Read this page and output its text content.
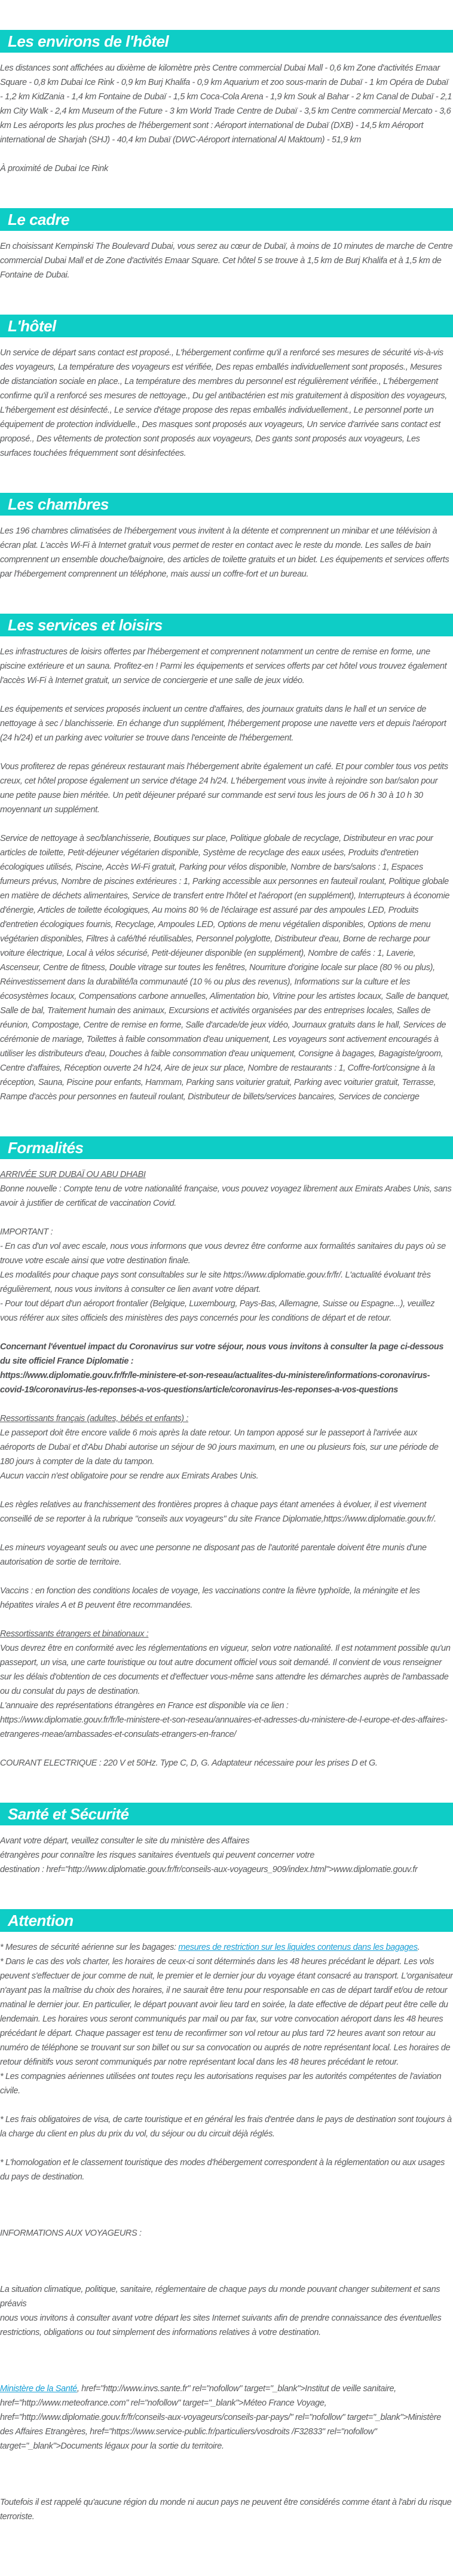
Les environs de l'hôtel

Les distances sont affichées au dixième de kilomètre près Centre commercial Dubai Mall - 0,6 km Zone d'activités Emaar Square - 0,8 km Dubai Ice Rink - 0,9 km Burj Khalifa - 0,9 km Aquarium et zoo sous-marin de Dubaï - 1 km Opéra de Dubaï - 1,2 km KidZania - 1,4 km Fontaine de Dubaï - 1,5 km Coca-Cola Arena - 1,9 km Souk al Bahar - 2 km Canal de Dubaï - 2,1 km City Walk - 2,4 km Museum of the Future - 3 km World Trade Centre de Dubaï - 3,5 km Centre commercial Mercato - 3,6 km Les aéroports les plus proches de l'hébergement sont : Aéroport international de Dubaï (DXB) - 14,5 km Aéroport international de Sharjah (SHJ) - 40,4 km Dubaï (DWC-Aéroport international Al Maktoum) - 51,9 km

À proximité de Dubai Ice Rink

Le cadre

En choisissant Kempinski The Boulevard Dubai, vous serez au cœur de Dubaï, à moins de 10 minutes de marche de Centre commercial Dubai Mall et de Zone d'activités Emaar Square. Cet hôtel 5 se trouve à 1,5 km de Burj Khalifa et à 1,5 km de Fontaine de Dubai.

L'hôtel

Un service de départ sans contact est proposé., L'hébergement confirme qu'il a renforcé ses mesures de sécurité vis-à-vis des voyageurs, La température des voyageurs est vérifiée, Des repas emballés individuellement sont proposés., Mesures de distanciation sociale en place., La température des membres du personnel est régulièrement vérifiée., L'hébergement confirme qu'il a renforcé ses mesures de nettoyage., Du gel antibactérien est mis gratuitement à disposition des voyageurs, L'hébergement est désinfecté., Le service d'étage propose des repas emballés individuellement., Le personnel porte un équipement de protection individuelle., Des masques sont proposés aux voyageurs, Un service d'arrivée sans contact est proposé., Des vêtements de protection sont proposés aux voyageurs, Des gants sont proposés aux voyageurs, Les surfaces touchées fréquemment sont désinfectées.

Les chambres

Les 196 chambres climatisées de l'hébergement vous invitent à la détente et comprennent un minibar et une télévision à écran plat. L'accès Wi-Fi à Internet gratuit vous permet de rester en contact avec le reste du monde. Les salles de bain comprennent un ensemble douche/baignoire, des articles de toilette gratuits et un bidet. Les équipements et services offerts par l'hébergement comprennent un téléphone, mais aussi un coffre-fort et un bureau.

Les services et loisirs

Les infrastructures de loisirs offertes par l'hébergement et comprennent notamment un centre de remise en forme, une piscine extérieure et un sauna. Profitez-en ! Parmi les équipements et services offerts par cet hôtel vous trouvez également l'accès Wi-Fi à Internet gratuit, un service de conciergerie et une salle de jeux vidéo.

Les équipements et services proposés incluent un centre d'affaires, des journaux gratuits dans le hall et un service de nettoyage à sec / blanchisserie. En échange d'un supplément, l'hébergement propose une navette vers et depuis l'aéroport (24 h/24) et un parking avec voiturier se trouve dans l'enceinte de l'hébergement.

Vous profiterez de repas généreux restaurant mais l'hébergement abrite également un café. Et pour combler tous vos petits creux, cet hôtel propose également un service d'étage 24 h/24. L'hébergement vous invite à rejoindre son bar/salon pour une petite pause bien méritée. Un petit déjeuner préparé sur commande est servi tous les jours de 06 h 30 à 10 h 30 moyennant un supplément.

Service de nettoyage à sec/blanchisserie, Boutiques sur place, Politique globale de recyclage, Distributeur en vrac pour articles de toilette, Petit-déjeuner végétarien disponible, Système de recyclage des eaux usées, Produits d'entretien écologiques utilisés, Piscine, Accès Wi-Fi gratuit, Parking pour vélos disponible, Nombre de bars/salons : 1, Espaces fumeurs prévus, Nombre de piscines extérieures : 1, Parking accessible aux personnes en fauteuil roulant, Politique globale en matière de déchets alimentaires, Service de transfert entre l'hôtel et l'aéroport (en supplément), Interrupteurs à économie d'énergie, Articles de toilette écologiques, Au moins 80 % de l'éclairage est assuré par des ampoules LED, Produits d'entretien écologiques fournis, Recyclage, Ampoules LED, Options de menu végétalien disponibles, Options de menu végétarien disponibles, Filtres à café/thé réutilisables, Personnel polyglotte, Distributeur d'eau, Borne de recharge pour voiture électrique, Local à vélos sécurisé, Petit-déjeuner disponible (en supplément), Nombre de cafés : 1, Laverie, Ascenseur, Centre de fitness, Double vitrage sur toutes les fenêtres, Nourriture d'origine locale sur place (80 % ou plus), Réinvestissement dans la durabilité/la communauté (10 % ou plus des revenus), Informations sur la culture et les écosystèmes locaux, Compensations carbone annuelles, Alimentation bio, Vitrine pour les artistes locaux, Salle de banquet, Salle de bal, Traitement humain des animaux, Excursions et activités organisées par des entreprises locales, Salles de réunion, Compostage, Centre de remise en forme, Salle d'arcade/de jeux vidéo, Journaux gratuits dans le hall, Services de cérémonie de mariage, Toilettes à faible consommation d'eau uniquement, Les voyageurs sont activement encouragés à utiliser les distributeurs d'eau, Douches à faible consommation d'eau uniquement, Consigne à bagages, Bagagiste/groom, Centre d'affaires, Réception ouverte 24 h/24, Aire de jeux sur place, Nombre de restaurants : 1, Coffre-fort/consigne à la réception, Sauna, Piscine pour enfants, Hammam, Parking sans voiturier gratuit, Parking avec voiturier gratuit, Terrasse, Rampe d'accès pour personnes en fauteuil roulant, Distributeur de billets/services bancaires, Services de concierge

Formalités

ARRIVÉE SUR DUBAÏ OU ABU DHABI

Bonne nouvelle : Compte tenu de votre nationalité française, vous pouvez voyagez librement aux Emirats Arabes Unis, sans avoir à justifier de certificat de vaccination Covid.

IMPORTANT :

- En cas d'un vol avec escale, nous vous informons que vous devrez être conforme aux formalités sanitaires du pays où se trouve votre escale ainsi que votre destination finale.

Les modalités pour chaque pays sont consultables sur le site https://www.diplomatie.gouv.fr/fr/. L'actualité évoluant très régulièrement, nous vous invitons à consulter ce lien avant votre départ.

- Pour tout départ d'un aéroport frontalier (Belgique, Luxembourg, Pays-Bas, Allemagne, Suisse ou Espagne...), veuillez vous référer aux sites officiels des ministères des pays concernés pour les conditions de départ et de retour.

Concernant l'éventuel impact du Coronavirus sur votre séjour, nous vous invitons à consulter la page ci-dessous du site officiel France Diplomatie :

https://www.diplomatie.gouv.fr/fr/le-ministere-et-son-reseau/actualites-du-ministere/informations-coronavirus-covid-19/coronavirus-les-reponses-a-vos-questions/article/coronavirus-les-reponses-a-vos-questions

Ressortissants français (adultes, bébés et enfants) :

Le passeport doit être encore valide 6 mois après la date retour. Un tampon apposé sur le passeport à l'arrivée aux aéroports de Dubaï et d'Abu Dhabi autorise un séjour de 90 jours maximum, en une ou plusieurs fois, sur une période de 180 jours à compter de la date du tampon.

Aucun vaccin n'est obligatoire pour se rendre aux Emirats Arabes Unis.

Les règles relatives au franchissement des frontières propres à chaque pays étant amenées à évoluer, il est vivement conseillé de se reporter à la rubrique "conseils aux voyageurs" du site France Diplomatie,https://www.diplomatie.gouv.fr/.

Les mineurs voyageant seuls ou avec une personne ne disposant pas de l'autorité parentale doivent être munis d'une autorisation de sortie de territoire.

Vaccins : en fonction des conditions locales de voyage, les vaccinations contre la fièvre typhoïde, la méningite et les hépatites virales A et B peuvent être recommandées.

Ressortissants étrangers et binationaux :

Vous devrez être en conformité avec les réglementations en vigueur, selon votre nationalité. Il est notamment possible qu'un passeport, un visa, une carte touristique ou tout autre document officiel vous soit demandé. Il convient de vous renseigner sur les délais d'obtention de ces documents et d'effectuer vous-même sans attendre les démarches auprès de l'ambassade ou du consulat du pays de destination.

L'annuaire des représentations étrangères en France est disponible via ce lien :

https://www.diplomatie.gouv.fr/fr/le-ministere-et-son-reseau/annuaires-et-adresses-du-ministere-de-l-europe-et-des-affaires-etrangeres-meae/ambassades-et-consulats-etrangers-en-france/

COURANT ELECTRIQUE : 220 V et 50Hz. Type C, D, G. Adaptateur nécessaire pour les prises D et G.

Santé et Sécurité

Avant votre départ, veuillez consulter le site du ministère des Affaires

étrangères pour connaître les risques sanitaires éventuels qui peuvent concerner votre

destination : href="http://www.diplomatie.gouv.fr/fr/conseils-aux-voyageurs_909/index.html">www.diplomatie.gouv.fr

Attention

* Mesures de sécurité aérienne sur les bagages: mesures de restriction sur les liquides contenus dans les bagages.

* Dans le cas des vols charter, les horaires de ceux-ci sont déterminés dans les 48 heures précédant le départ. Les vols peuvent s'effectuer de jour comme de nuit, le premier et le dernier jour du voyage étant consacré au transport. L'organisateur n'ayant pas la maîtrise du choix des horaires, il ne saurait être tenu pour responsable en cas de départ tardif et/ou de retour matinal le dernier jour. En particulier, le départ pouvant avoir lieu tard en soirée, la date effective de départ peut être celle du lendemain. Les horaires vous seront communiqués par mail ou par fax, sur votre convocation aéroport dans les 48 heures précédant le départ. Chaque passager est tenu de reconfirmer son vol retour au plus tard 72 heures avant son retour au numéro de téléphone se trouvant sur son billet ou sur sa convocation ou auprés de notre représentant local. Les horaires de retour définitifs vous seront communiqués par notre représentant local dans les 48 heures précédant le retour.

* Les compagnies aériennes utilisées ont toutes reçu les autorisations requises par les autorités compétentes de l'aviation civile.

* Les frais obligatoires de visa, de carte touristique et en général les frais d'entrée dans le pays de destination sont toujours à la charge du client en plus du prix du vol, du séjour ou du circuit déjà réglés.

* L'homologation et le classement touristique des modes d'hébergement correspondent à la réglementation ou aux usages du pays de destination.

INFORMATIONS AUX VOYAGEURS :

La situation climatique, politique, sanitaire, réglementaire de chaque pays du monde pouvant changer subitement et sans préavis

nous vous invitons à consulter avant votre départ les sites Internet suivants afin de prendre connaissance des éventuelles restrictions, obligations ou tout simplement des informations relatives à votre destination.

Ministère de la Santé, href="http://www.invs.sante.fr" rel="nofollow" target="_blank">Institut de veille sanitaire, href="http://www.meteofrance.com" rel="nofollow" target="_blank">Méteo France Voyage, href="http://www.diplomatie.gouv.fr/fr/conseils-aux-voyageurs/conseils-par-pays/" rel="nofollow" target="_blank">Ministère des Affaires Etrangères, href="https://www.service-public.fr/particuliers/vosdroits /F32833" rel="nofollow" target="_blank">Documents légaux pour la sortie du territoire.

Toutefois il est rappelé qu'aucune région du monde ni aucun pays ne peuvent être considérés comme étant à l'abri du risque terroriste.
